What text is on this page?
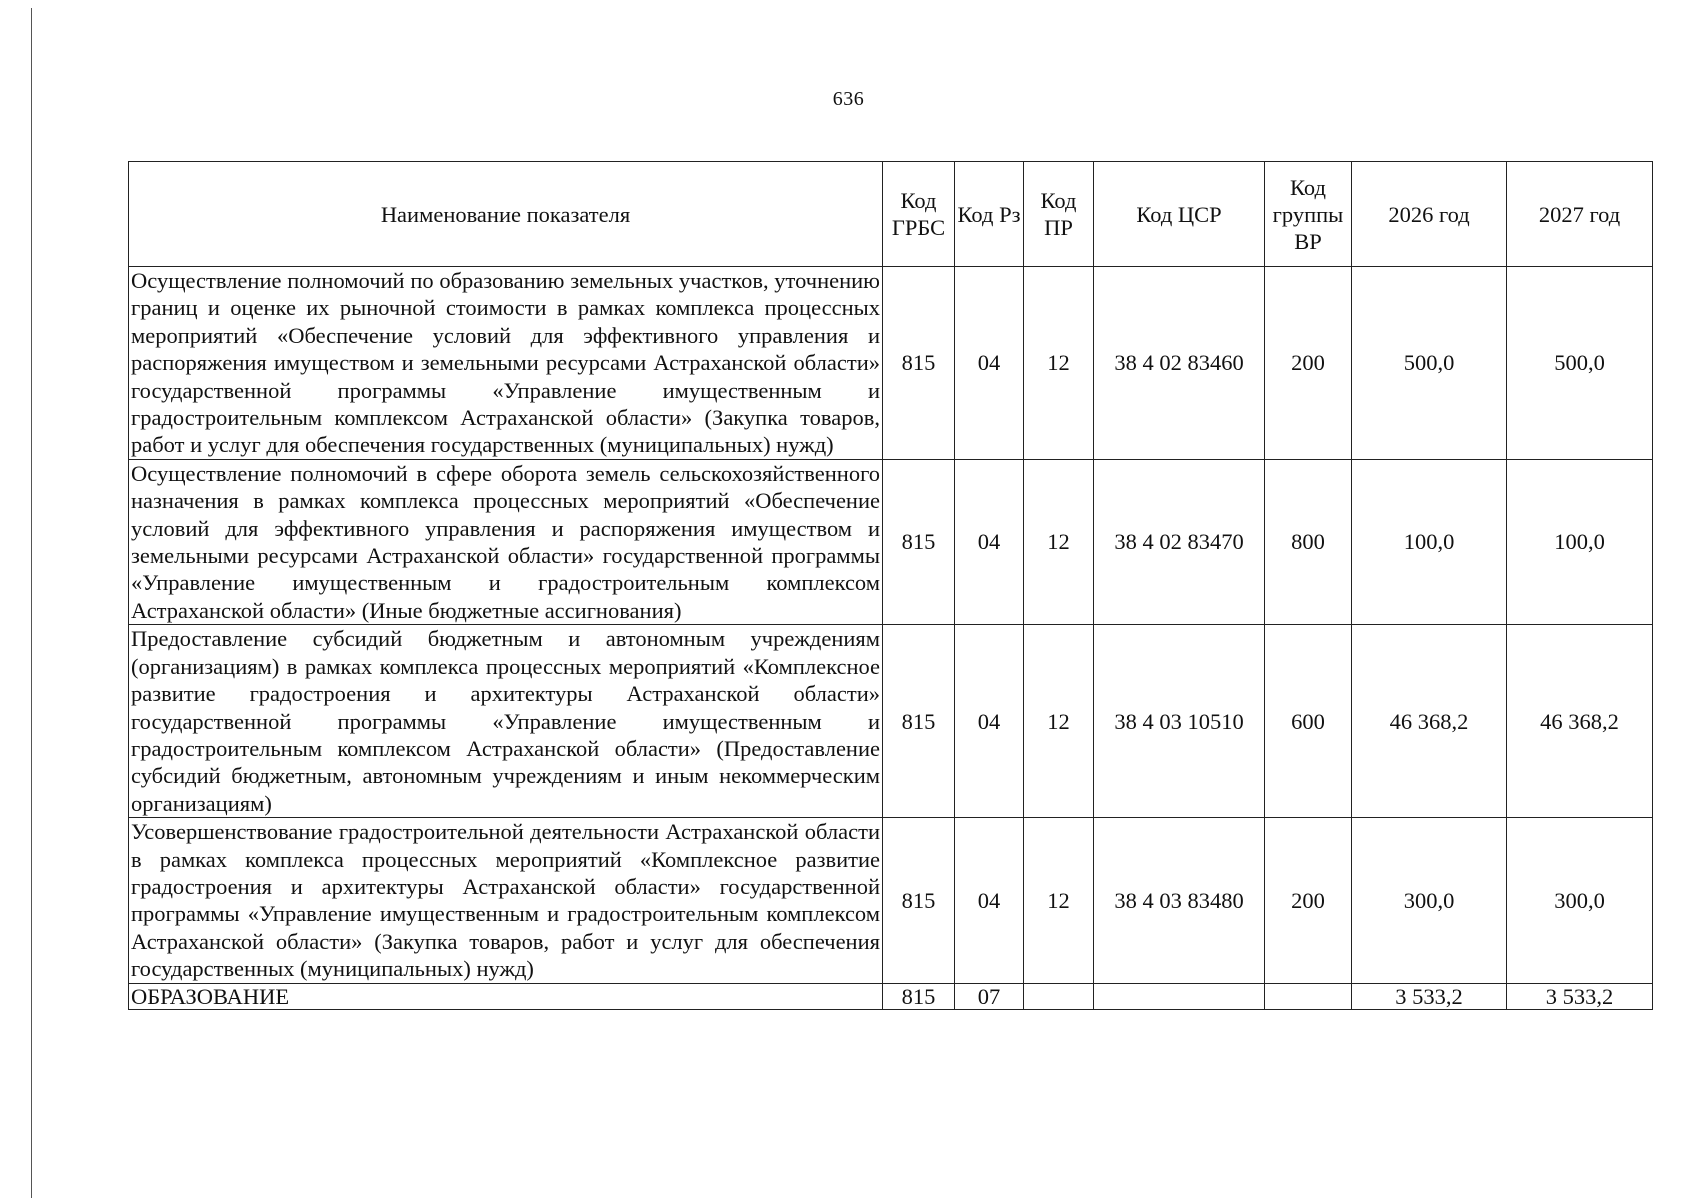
636
Наименование показателя	Код ГРБС	Код Рз	Код ПР	Код ЦСР	Код группы ВР	2026 год	2027 год
Осуществление полномочий по образованию земельных участков, уточнению границ и оценке их рыночной стоимости в рамках комплекса процессных мероприятий «Обеспечение условий для эффективного управления и распоряжения имуществом и земельными ресурсами Астраханской области» государственной программы «Управление имущественным и градостроительным комплексом Астраханской области» (Закупка товаров, работ и услуг для обеспечения государственных (муниципальных) нужд)	815	04	12	38 4 02 83460	200	500,0	500,0
Осуществление полномочий в сфере оборота земель сельскохозяйственного назначения в рамках комплекса процессных мероприятий «Обеспечение условий для эффективного управления и распоряжения имуществом и земельными ресурсами Астраханской области» государственной программы «Управление имущественным и градостроительным комплексом Астраханской области» (Иные бюджетные ассигнования)	815	04	12	38 4 02 83470	800	100,0	100,0
Предоставление субсидий бюджетным и автономным учреждениям (организациям) в рамках комплекса процессных мероприятий «Комплексное развитие градостроения и архитектуры Астраханской области» государственной программы «Управление имущественным и градостроительным комплексом Астраханской области» (Предоставление субсидий бюджетным, автономным учреждениям и иным некоммерческим организациям)	815	04	12	38 4 03 10510	600	46 368,2	46 368,2
Усовершенствование градостроительной деятельности Астраханской области в рамках комплекса процессных мероприятий «Комплексное развитие градостроения и архитектуры Астраханской области» государственной программы «Управление имущественным и градостроительным комплексом Астраханской области» (Закупка товаров, работ и услуг для обеспечения государственных (муниципальных) нужд)	815	04	12	38 4 03 83480	200	300,0	300,0
ОБРАЗОВАНИЕ	815	07				3 533,2	3 533,2
